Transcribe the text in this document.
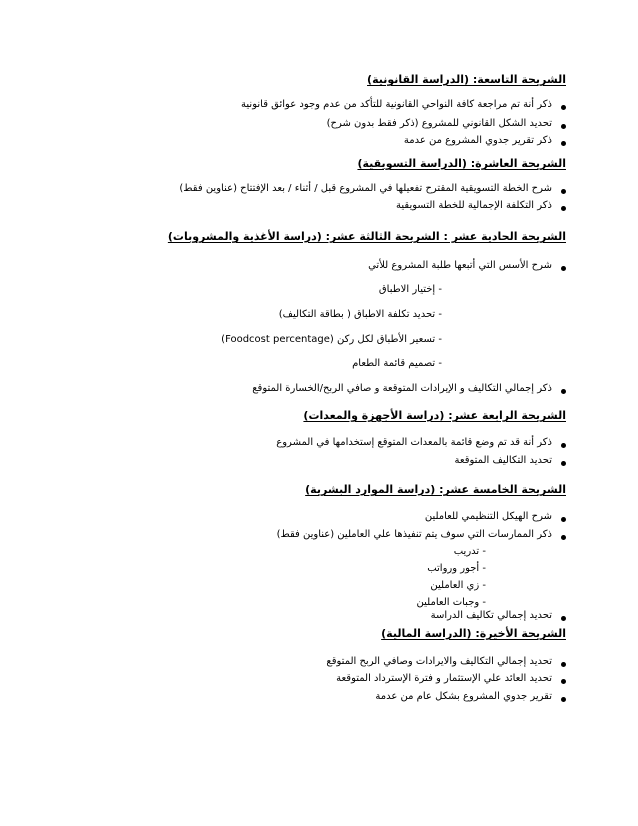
الشريحة التاسعة: (الدراسة القانونية)
ذكر أنة تم مراجعة كافة النواحي القانونية للتأكد من عدم وجود عوائق قانونية
تحديد الشكل القانوني للمشروع (ذكر فقط بدون شرح)
ذكر تقرير جدوي المشروع من عدمة
الشريحة العاشرة: (الدراسة التسويقية)
شرح الخطة التسويقية المقترح تفعيلها في المشروع قبل / أثناء / بعد الإفتتاح (عناوين فقط)
ذكر التكلفة الإجمالية للخطة التسويقية
الشريحة الحادية عشر : الشريحة الثالثة عشر: (دراسة الأغذية والمشروبات)
شرح الأسس التي أتبعها طلبة المشروع للأتي
- إختيار الاطباق
- تحديد تكلفة الاطباق ( بطاقة التكاليف)
- تسعير الأطباق لكل ركن (Foodcost percentage)
- تصميم قائمة الطعام
ذكر إجمالي التكاليف و الإيرادات المتوقعة و صافي الربح/الخسارة المتوقع
الشريحة الرابعة عشر: (دراسة الأجهزة والمعدات)
ذكر أنة قد تم وضع قائمة بالمعدات المتوقع إستخدامها في المشروع
تحديد التكاليف المتوقعة
الشريحة الخامسة عشر: (دراسة الموارد البشرية)
شرح الهيكل التنظيمي للعاملين
ذكر الممارسات التي سوف يتم تنفيذها علي العاملين (عناوين فقط)
- تدريب
- أجور ورواتب
- زي العاملين
- وجبات العاملين
تحديد إجمالي تكاليف الدراسة
الشريحة الأخيرة: (الدراسة المالية)
تحديد إجمالي التكاليف والايرادات وصافي الربح المتوقع
تحديد العائد علي الإستثمار و فترة الإسترداد المتوقعة
تقرير جدوي المشروع بشكل عام من عدمة
